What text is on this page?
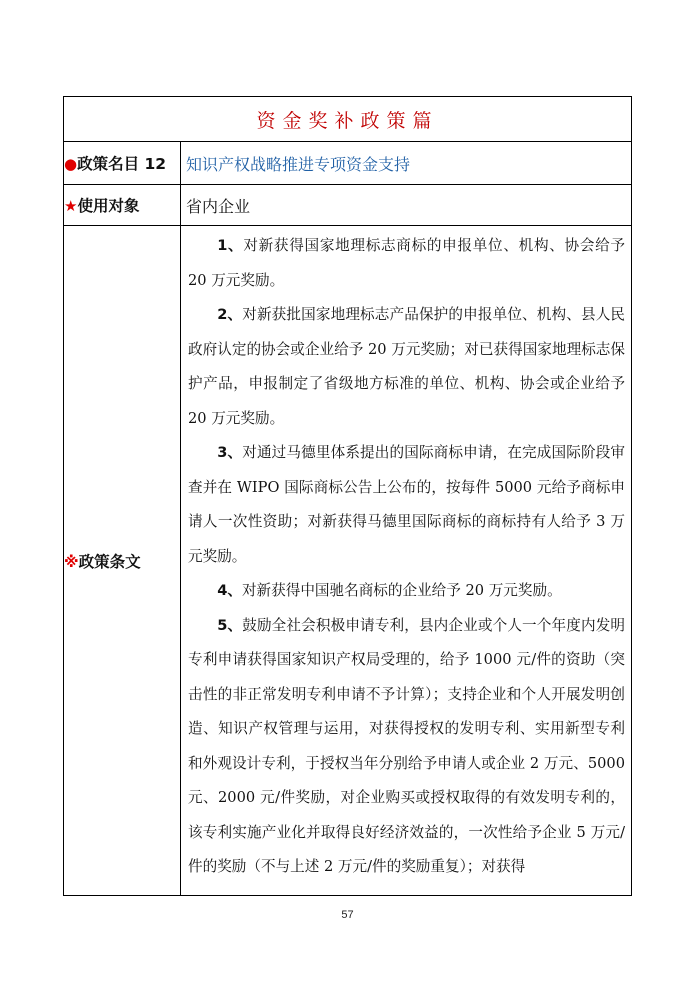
资金奖补政策篇	
●政策名目 12	知识产权战略推进专项资金支持
★使用对象	省内企业
※政策条文	1、对新获得国家地理标志商标的申报单位、机构、协会给予 20 万元奖励。

2、对新获批国家地理标志产品保护的申报单位、机构、县人民政府认定的协会或企业给予 20 万元奖励；对已获得国家地理标志保护产品，申报制定了省级地方标准的单位、机构、协会或企业给予 20 万元奖励。

3、对通过马德里体系提出的国际商标申请，在完成国际阶段审查并在 WIPO 国际商标公告上公布的，按每件 5000 元给予商标申请人一次性资助；对新获得马德里国际商标的商标持有人给予 3 万元奖励。

4、对新获得中国驰名商标的企业给予 20 万元奖励。

5、鼓励全社会积极申请专利，县内企业或个人一个年度内发明专利申请获得国家知识产权局受理的，给予 1000 元/件的资助（突击性的非正常发明专利申请不予计算）；支持企业和个人开展发明创造、知识产权管理与运用，对获得授权的发明专利、实用新型专利和外观设计专利，于授权当年分别给予申请人或企业 2 万元、5000 元、2000 元/件奖励，对企业购买或授权取得的有效发明专利的，该专利实施产业化并取得良好经济效益的，一次性给予企业 5 万元/件的奖励（不与上述 2 万元/件的奖励重复）；对获得

57
